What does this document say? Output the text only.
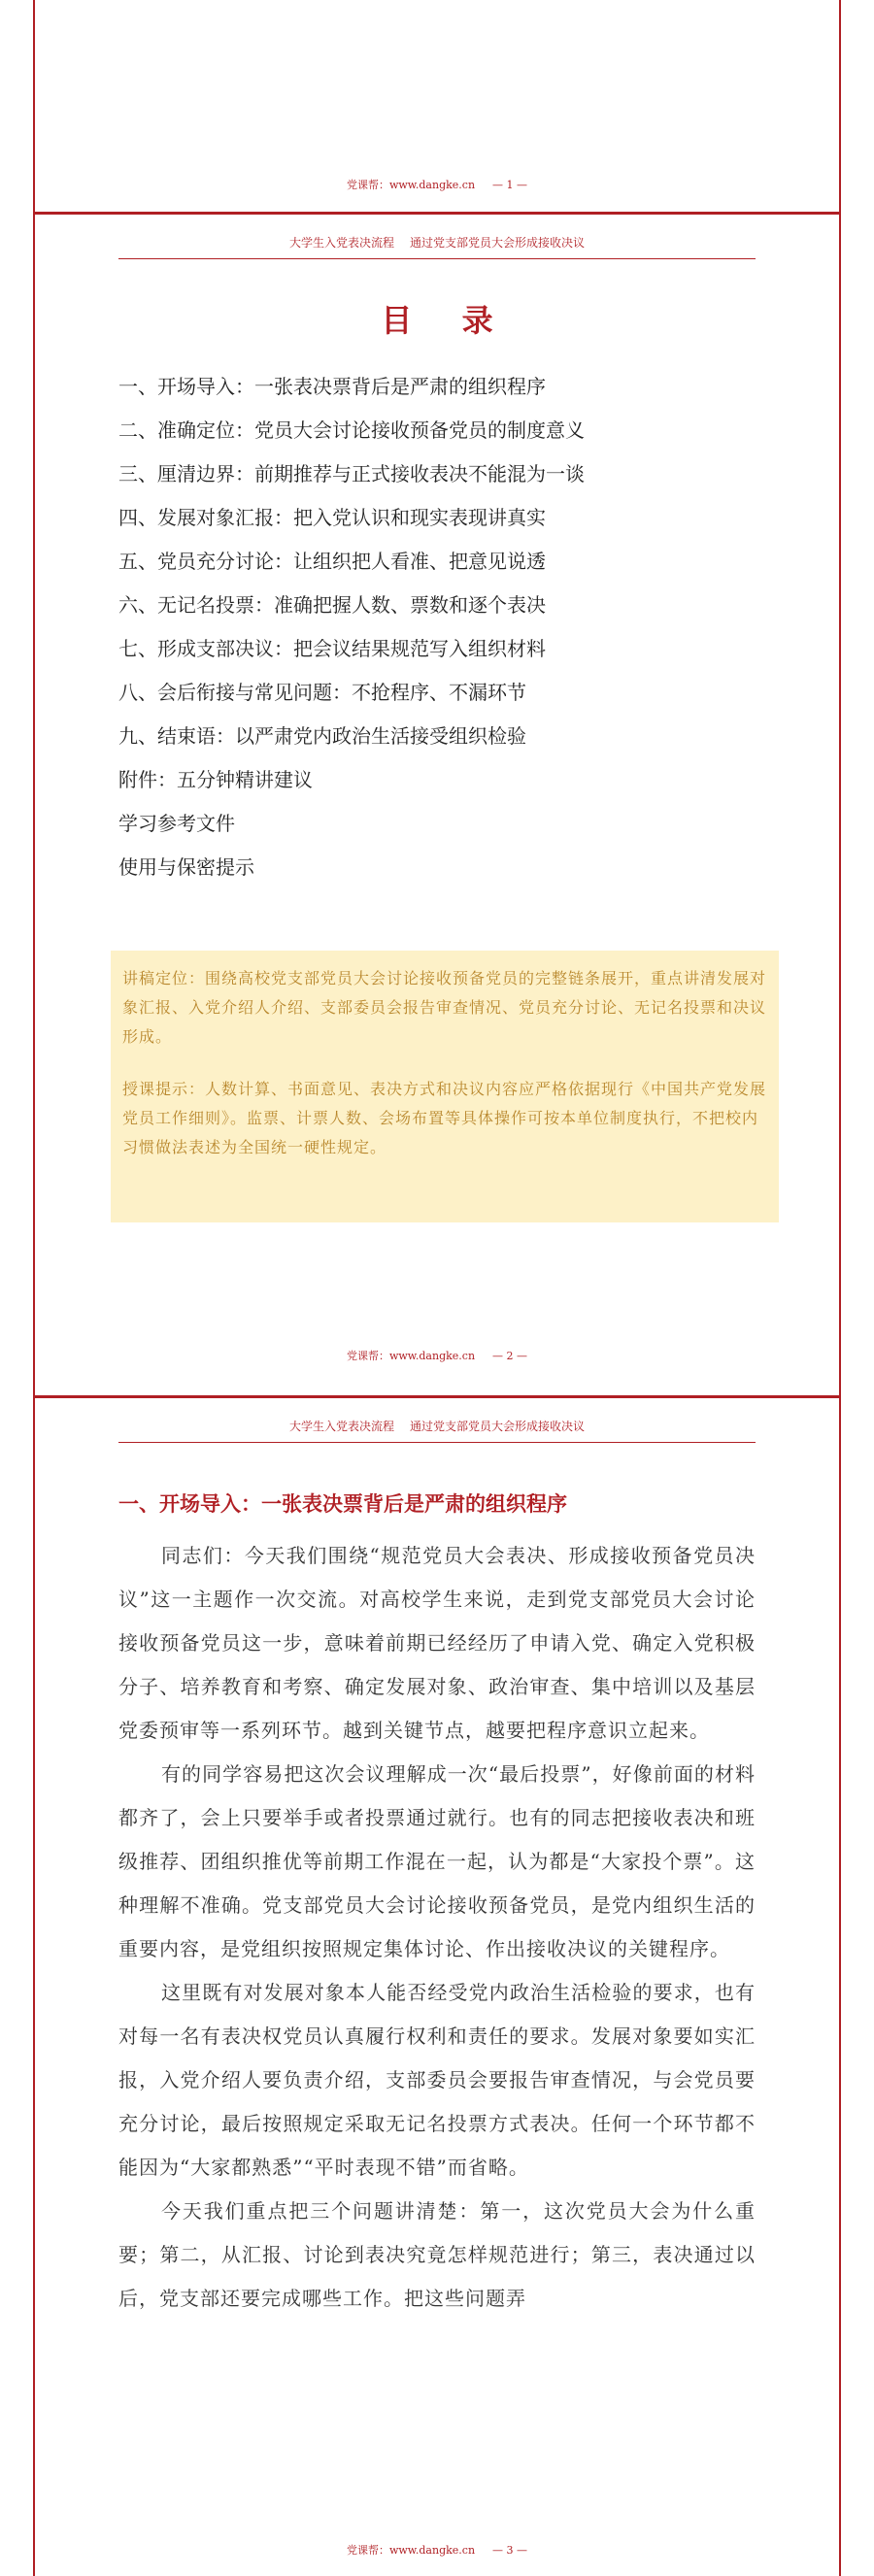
党课帮：www.dangke.cn — 1 —
大学生入党表决流程 通过党支部党员大会形成接收决议
目 录
一、开场导入：一张表决票背后是严肃的组织程序
二、准确定位：党员大会讨论接收预备党员的制度意义
三、厘清边界：前期推荐与正式接收表决不能混为一谈
四、发展对象汇报：把入党认识和现实表现讲真实
五、党员充分讨论：让组织把人看准、把意见说透
六、无记名投票：准确把握人数、票数和逐个表决
七、形成支部决议：把会议结果规范写入组织材料
八、会后衔接与常见问题：不抢程序、不漏环节
九、结束语：以严肃党内政治生活接受组织检验
附件：五分钟精讲建议
学习参考文件
使用与保密提示

讲稿定位：围绕高校党支部党员大会讨论接收预备党员的完整链条展开，重点讲清发展对象汇报、入党介绍人介绍、支部委员会报告审查情况、党员充分讨论、无记名投票和决议形成。

授课提示：人数计算、书面意见、表决方式和决议内容应严格依据现行《中国共产党发展党员工作细则》。监票、计票人数、会场布置等具体操作可按本单位制度执行，不把校内习惯做法表述为全国统一硬性规定。

党课帮：www.dangke.cn — 2 —
大学生入党表决流程 通过党支部党员大会形成接收决议
一、开场导入：一张表决票背后是严肃的组织程序

同志们：今天我们围绕“规范党员大会表决、形成接收预备党员决议”这一主题作一次交流。对高校学生来说，走到党支部党员大会讨论接收预备党员这一步，意味着前期已经经历了申请入党、确定入党积极分子、培养教育和考察、确定发展对象、政治审查、集中培训以及基层党委预审等一系列环节。越到关键节点，越要把程序意识立起来。

有的同学容易把这次会议理解成一次“最后投票”，好像前面的材料都齐了，会上只要举手或者投票通过就行。也有的同志把接收表决和班级推荐、团组织推优等前期工作混在一起，认为都是“大家投个票”。这种理解不准确。党支部党员大会讨论接收预备党员，是党内组织生活的重要内容，是党组织按照规定集体讨论、作出接收决议的关键程序。

这里既有对发展对象本人能否经受党内政治生活检验的要求，也有对每一名有表决权党员认真履行权利和责任的要求。发展对象要如实汇报，入党介绍人要负责介绍，支部委员会要报告审查情况，与会党员要充分讨论，最后按照规定采取无记名投票方式表决。任何一个环节都不能因为“大家都熟悉”“平时表现不错”而省略。

今天我们重点把三个问题讲清楚：第一，这次党员大会为什么重要；第二，从汇报、讨论到表决究竟怎样规范进行；第三，表决通过以后，党支部还要完成哪些工作。把这些问题弄

党课帮：www.dangke.cn — 3 —
